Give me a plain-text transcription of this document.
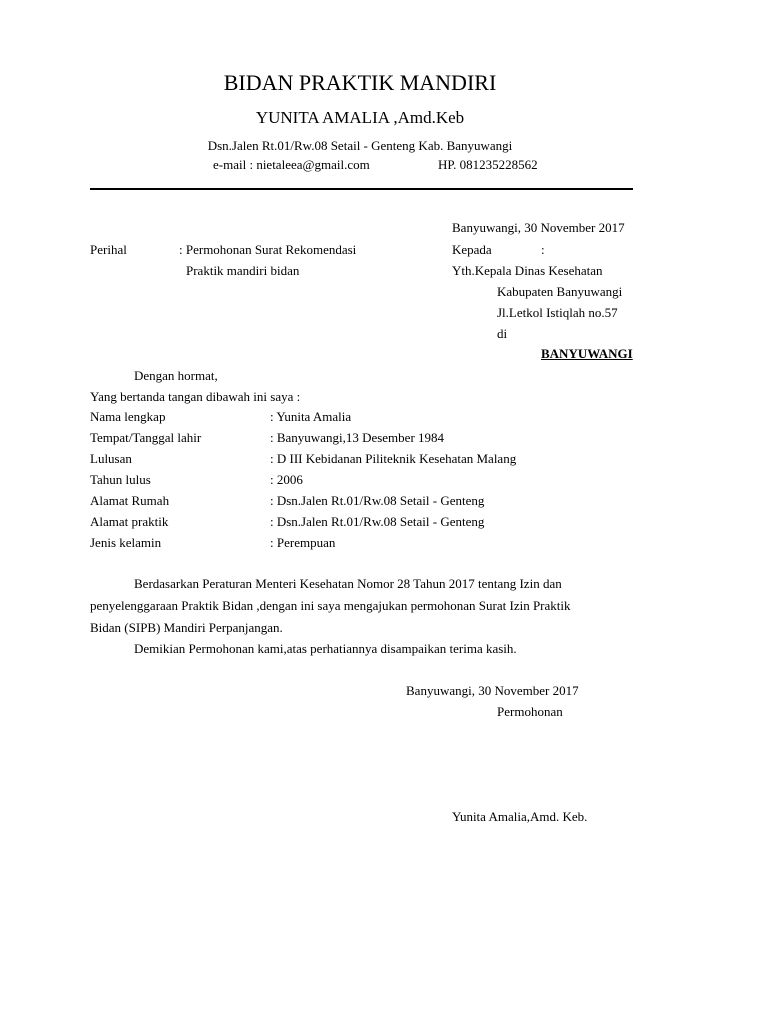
BIDAN PRAKTIK MANDIRI
YUNITA AMALIA ,Amd.Keb
Dsn.Jalen Rt.01/Rw.08 Setail - Genteng Kab. Banyuwangi
e-mail : nietaleea@gmail.com	HP. 081235228562
Banyuwangi, 30 November 2017
Perihal	: Permohonan Surat Rekomendasi
Praktik mandiri bidan
Kepada	:
Yth.Kepala Dinas Kesehatan
Kabupaten Banyuwangi
Jl.Letkol Istiqlah no.57
di
BANYUWANGI
Dengan hormat,
Yang bertanda tangan dibawah ini saya :
Nama lengkap	: Yunita Amalia
Tempat/Tanggal lahir	: Banyuwangi,13 Desember 1984
Lulusan	: D III Kebidanan Piliteknik Kesehatan Malang
Tahun lulus	: 2006
Alamat Rumah	: Dsn.Jalen Rt.01/Rw.08 Setail - Genteng
Alamat praktik	: Dsn.Jalen Rt.01/Rw.08 Setail - Genteng
Jenis kelamin	: Perempuan
Berdasarkan Peraturan Menteri Kesehatan Nomor 28 Tahun 2017 tentang Izin dan
penyelenggaraan Praktik Bidan ,dengan ini saya mengajukan permohonan Surat Izin Praktik
Bidan (SIPB) Mandiri Perpanjangan.
Demikian Permohonan kami,atas perhatiannya disampaikan terima kasih.
Banyuwangi, 30 November 2017
Permohonan
Yunita Amalia,Amd. Keb.
